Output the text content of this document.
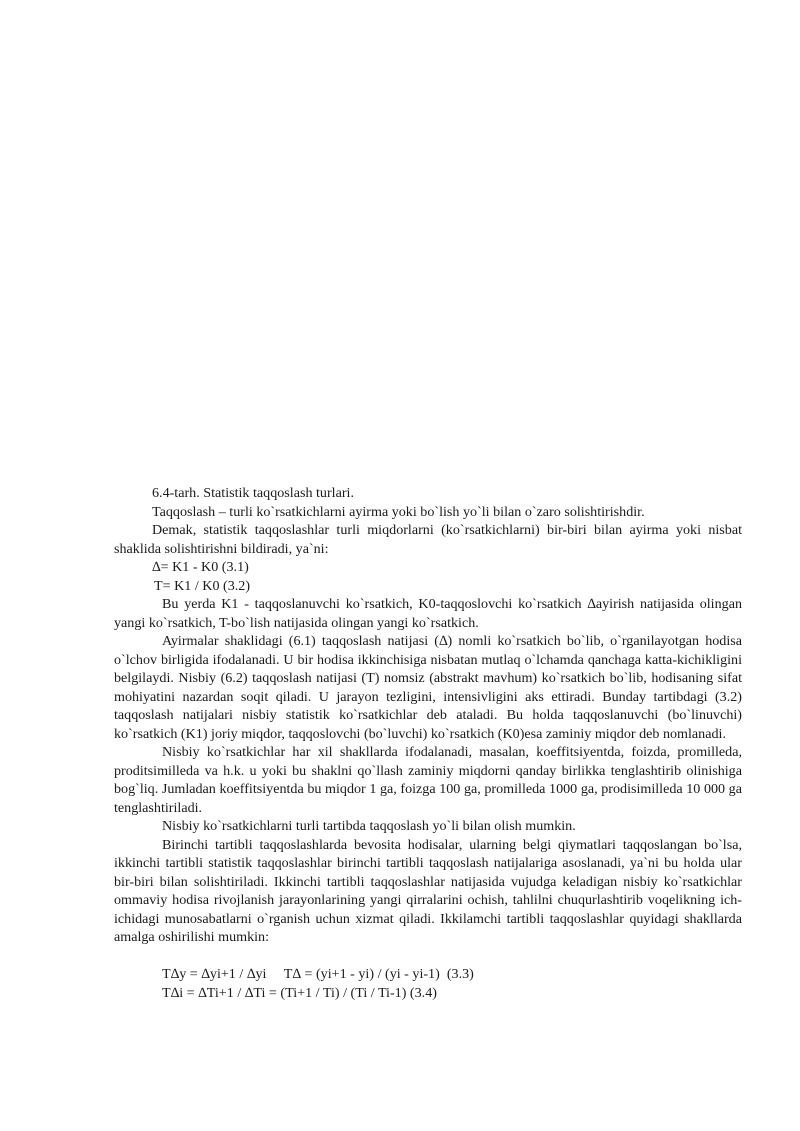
6.4-tarh. Statistik taqqoslash turlari.

Taqqoslash – turli ko`rsatkichlarni ayirma yoki bo`lish yo`li bilan o`zaro solishtirishdir.

Demak, statistik taqqoslashlar turli miqdorlarni (ko`rsatkichlarni) bir-biri bilan ayirma yoki nisbat shaklida solishtirishni bildiradi, ya`ni:

∆= K1 - K0 (3.1)

T= K1 / K0 (3.2)

Bu yerda K1 - taqqoslanuvchi ko`rsatkich, K0-taqqoslovchi ko`rsatkich ∆ayirish natijasida olingan yangi ko`rsatkich, T-bo`lish natijasida olingan yangi ko`rsatkich.

Ayirmalar shaklidagi (6.1) taqqoslash natijasi (∆) nomli ko`rsatkich bo`lib, o`rganilayotgan hodisa o`lchov birligida ifodalanadi. U bir hodisa ikkinchisiga nisbatan mutlaq o`lchamda qanchaga katta-kichikligini belgilaydi. Nisbiy (6.2) taqqoslash natijasi (T) nomsiz (abstrakt mavhum) ko`rsatkich bo`lib, hodisaning sifat mohiyatini nazardan soqit qiladi. U jarayon tezligini, intensivligini aks ettiradi. Bunday tartibdagi (3.2) taqqoslash natijalari nisbiy statistik ko`rsatkichlar deb ataladi. Bu holda taqqoslanuvchi (bo`linuvchi) ko`rsatkich (K1) joriy miqdor, taqqoslovchi (bo`luvchi) ko`rsatkich (K0)esa zaminiy miqdor deb nomlanadi.

Nisbiy ko`rsatkichlar har xil shakllarda ifodalanadi, masalan, koeffitsiyentda, foizda, promilleda, proditsimilleda va h.k. u yoki bu shaklni qo`llash zaminiy miqdorni qanday birlikka tenglashtirib olinishiga bog`liq. Jumladan koeffitsiyentda bu miqdor 1 ga, foizga 100 ga, promilleda 1000 ga, prodisimilleda 10 000 ga tenglashtiriladi.

Nisbiy ko`rsatkichlarni turli tartibda taqqoslash yo`li bilan olish mumkin.

Birinchi tartibli taqqoslashlarda bevosita hodisalar, ularning belgi qiymatlari taqqoslangan bo`lsa, ikkinchi tartibli statistik taqqoslashlar birinchi tartibli taqqoslash natijalariga asoslanadi, ya`ni bu holda ular bir-biri bilan solishtiriladi. Ikkinchi tartibli taqqoslashlar natijasida vujudga keladigan nisbiy ko`rsatkichlar ommaviy hodisa rivojlanish jarayonlarining yangi qirralarini ochish, tahlilni chuqurlashtirib voqelikning ich-ichidagi munosabatlarni o`rganish uchun xizmat qiladi. Ikkilamchi tartibli taqqoslashlar quyidagi shakllarda amalga oshirilishi mumkin:

T∆y = ∆yi+1 / ∆yi     T∆ = (yi+1 - yi) / (yi - yi-1)  (3.3)

T∆i = ∆Ti+1 / ∆Ti = (Ti+1 / Ti) / (Ti / Ti-1) (3.4)
